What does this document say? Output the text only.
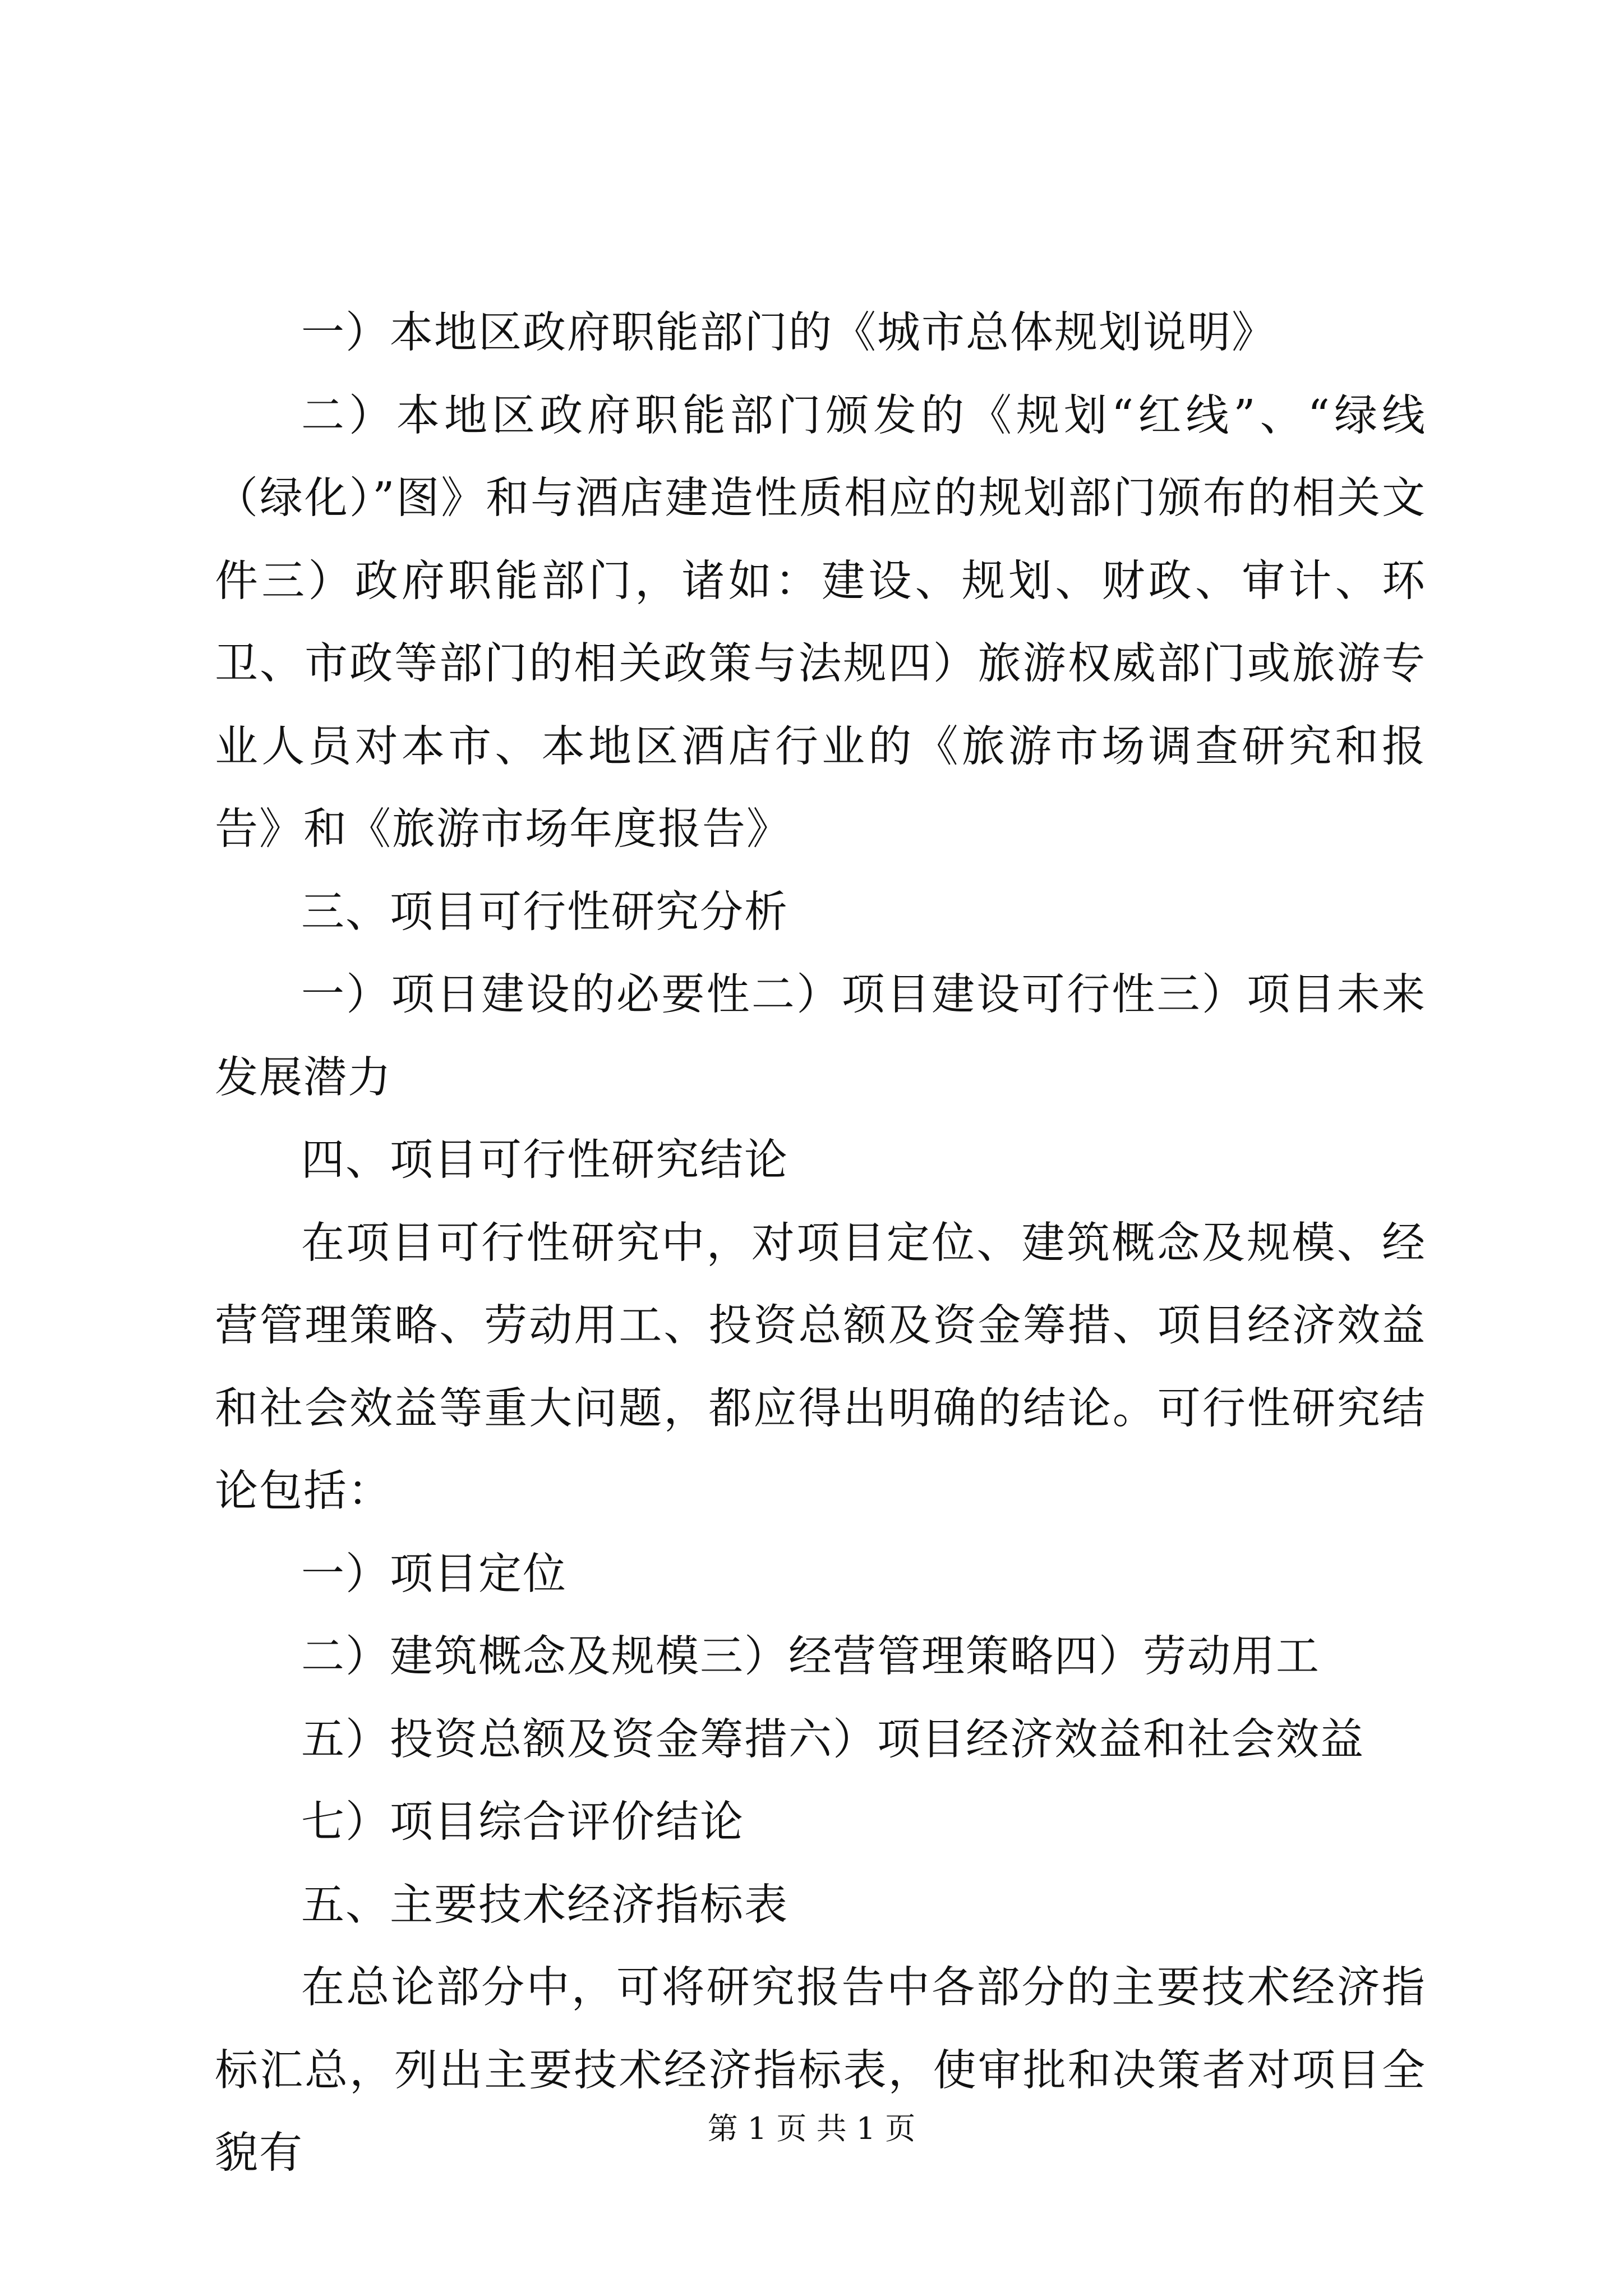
一）本地区政府职能部门的《城市总体规划说明》

二）本地区政府职能部门颁发的《规划“红线”、“绿线（绿化）”图》和与酒店建造性质相应的规划部门颁布的相关文件三）政府职能部门，诸如：建设、规划、财政、审计、环卫、市政等部门的相关政策与法规四）旅游权威部门或旅游专业人员对本市、本地区酒店行业的《旅游市场调查研究和报告》和《旅游市场年度报告》

三、项目可行性研究分析

一）项日建设的必要性二）项目建设可行性三）项目未来发展潜力

四、项目可行性研究结论

在项目可行性研究中，对项目定位、建筑概念及规模、经营管理策略、劳动用工、投资总额及资金筹措、项目经济效益和社会效益等重大问题，都应得出明确的结论。可行性研究结论包括：

一）项目定位

二）建筑概念及规模三）经营管理策略四）劳动用工

五）投资总额及资金筹措六）项目经济效益和社会效益

七）项目综合评价结论

五、主要技术经济指标表

在总论部分中，可将研究报告中各部分的主要技术经济指标汇总，列出主要技术经济指标表，使审批和决策者对项目全貌有	第 1 页 共 1 页
